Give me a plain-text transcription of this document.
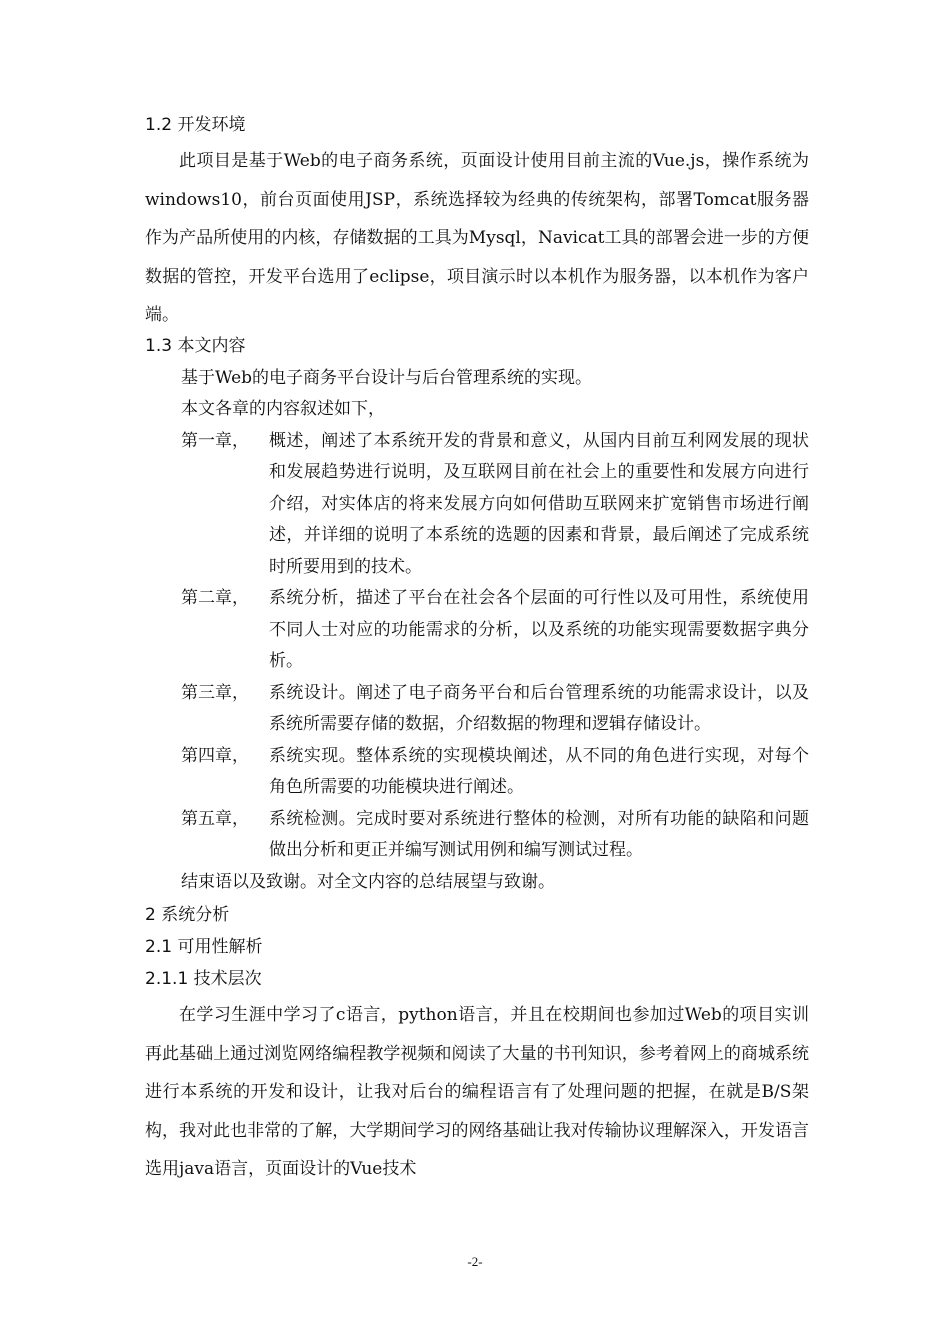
1.2 开发环境

此项目是基于Web的电子商务系统，页面设计使用目前主流的Vue.js，操作系统为windows10，前台页面使用JSP，系统选择较为经典的传统架构，部署Tomcat服务器作为产品所使用的内核，存储数据的工具为Mysql，Navicat工具的部署会进一步的方便数据的管控，开发平台选用了eclipse，项目演示时以本机作为服务器，以本机作为客户端。

1.3 本文内容

基于Web的电子商务平台设计与后台管理系统的实现。

本文各章的内容叙述如下，

第一章，	概述，阐述了本系统开发的背景和意义，从国内目前互利网发展的现状和发展趋势进行说明，及互联网目前在社会上的重要性和发展方向进行介绍，对实体店的将来发展方向如何借助互联网来扩宽销售市场进行阐述，并详细的说明了本系统的选题的因素和背景，最后阐述了完成系统时所要用到的技术。
第二章，	系统分析，描述了平台在社会各个层面的可行性以及可用性，系统使用不同人士对应的功能需求的分析，以及系统的功能实现需要数据字典分析。
第三章，	系统设计。阐述了电子商务平台和后台管理系统的功能需求设计，以及系统所需要存储的数据，介绍数据的物理和逻辑存储设计。
第四章，	系统实现。整体系统的实现模块阐述，从不同的角色进行实现，对每个角色所需要的功能模块进行阐述。
第五章，	系统检测。完成时要对系统进行整体的检测，对所有功能的缺陷和问题做出分析和更正并编写测试用例和编写测试过程。

结束语以及致谢。对全文内容的总结展望与致谢。

2 系统分析

2.1 可用性解析

2.1.1 技术层次

在学习生涯中学习了c语言，python语言，并且在校期间也参加过Web的项目实训再此基础上通过浏览网络编程教学视频和阅读了大量的书刊知识，参考着网上的商城系统进行本系统的开发和设计，让我对后台的编程语言有了处理问题的把握，在就是B/S架构，我对此也非常的了解，大学期间学习的网络基础让我对传输协议理解深入，开发语言选用java语言，页面设计的Vue技术

-2-
